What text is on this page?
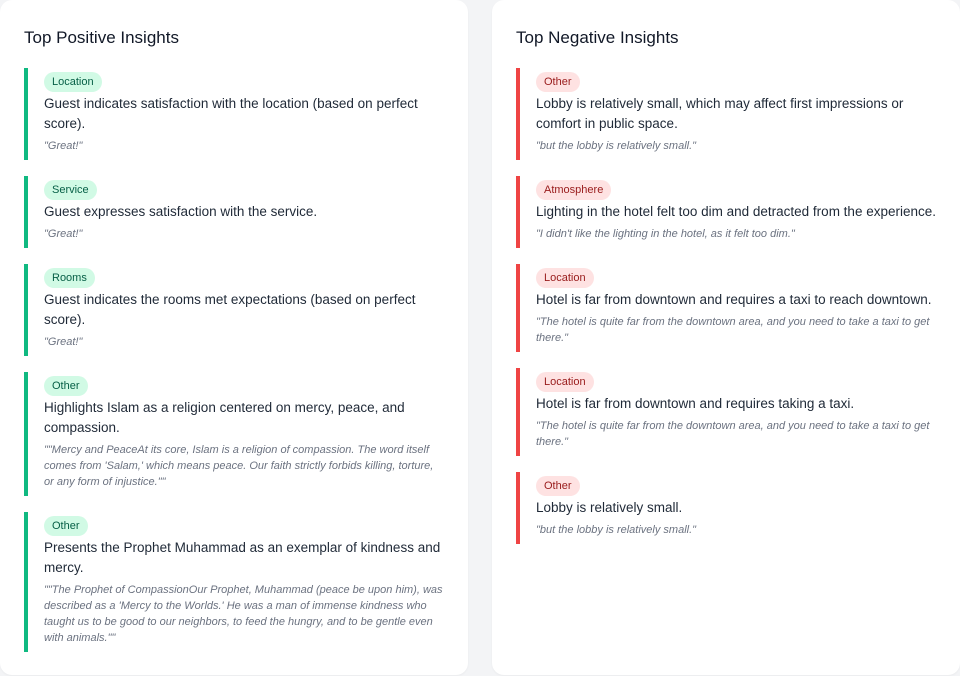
Top Positive Insights
Location

Guest indicates satisfaction with the location (based on perfect score).

"Great!"

Service

Guest expresses satisfaction with the service.

"Great!"

Rooms

Guest indicates the rooms met expectations (based on perfect score).

"Great!"

Other

Highlights Islam as a religion centered on mercy, peace, and compassion.

""Mercy and PeaceAt its core, Islam is a religion of compassion. The word itself comes from 'Salam,' which means peace. Our faith strictly forbids killing, torture, or any form of injustice.""

Other

Presents the Prophet Muhammad as an exemplar of kindness and mercy.

""The Prophet of CompassionOur Prophet, Muhammad (peace be upon him), was described as a 'Mercy to the Worlds.' He was a man of immense kindness who taught us to be good to our neighbors, to feed the hungry, and to be gentle even with animals.""

Top Negative Insights
Other

Lobby is relatively small, which may affect first impressions or comfort in public space.

"but the lobby is relatively small."

Atmosphere

Lighting in the hotel felt too dim and detracted from the experience.

"I didn't like the lighting in the hotel, as it felt too dim."

Location

Hotel is far from downtown and requires a taxi to reach downtown.

"The hotel is quite far from the downtown area, and you need to take a taxi to get there."

Location

Hotel is far from downtown and requires taking a taxi.

"The hotel is quite far from the downtown area, and you need to take a taxi to get there."

Other

Lobby is relatively small.

"but the lobby is relatively small."
